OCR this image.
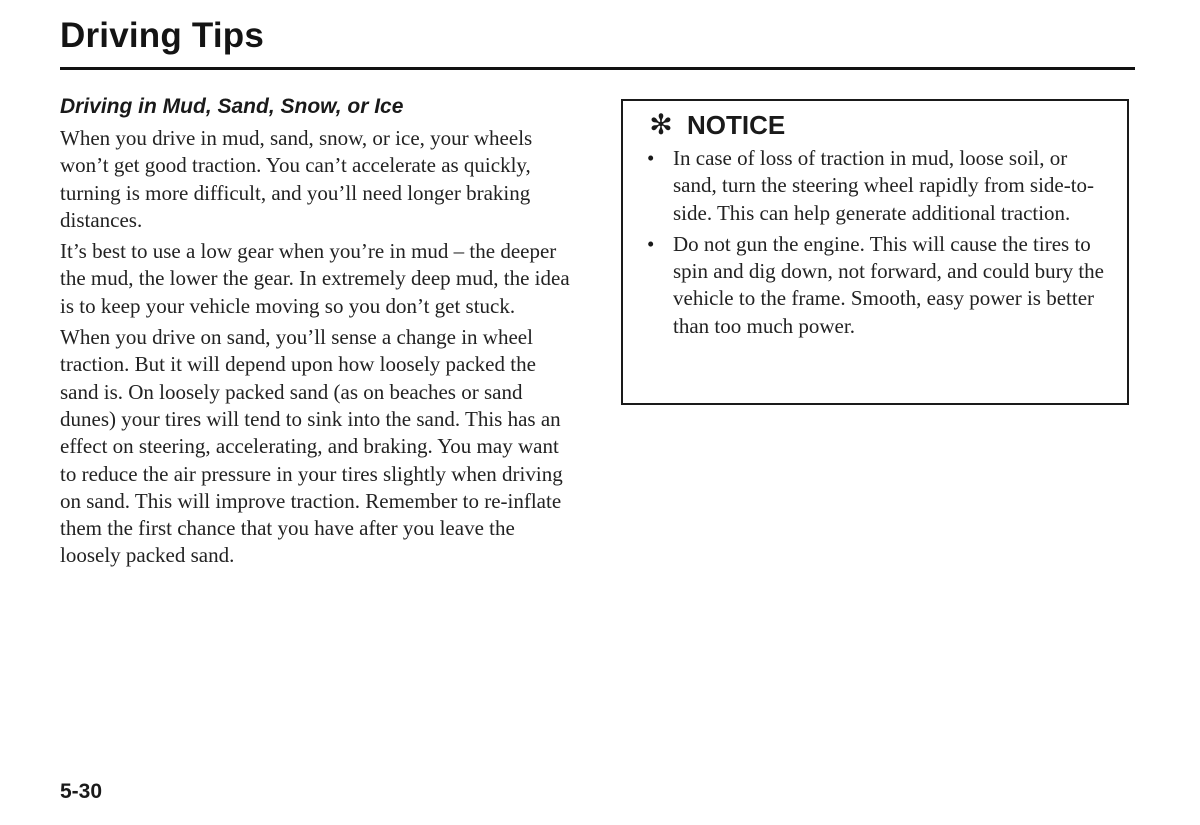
Driving Tips
Driving in Mud, Sand, Snow, or Ice

When you drive in mud, sand, snow, or ice, your wheels won’t get good traction. You can’t accelerate as quickly, turning is more difficult, and you’ll need longer braking distances.

It’s best to use a low gear when you’re in mud – the deeper the mud, the lower the gear. In extremely deep mud, the idea is to keep your vehicle moving so you don’t get stuck.

When you drive on sand, you’ll sense a change in wheel traction. But it will depend upon how loosely packed the sand is. On loosely packed sand (as on beaches or sand dunes) your tires will tend to sink into the sand. This has an effect on steering, accelerating, and braking. You may want to reduce the air pressure in your tires slightly when driving on sand. This will improve traction. Remember to re-inflate them the first chance that you have after you leave the loosely packed sand.

✻ NOTICE
• In case of loss of traction in mud, loose soil, or sand, turn the steering wheel rapidly from side-to-side. This can help generate additional traction.
• Do not gun the engine. This will cause the tires to spin and dig down, not forward, and could bury the vehicle to the frame. Smooth, easy power is better than too much power.
5-30
